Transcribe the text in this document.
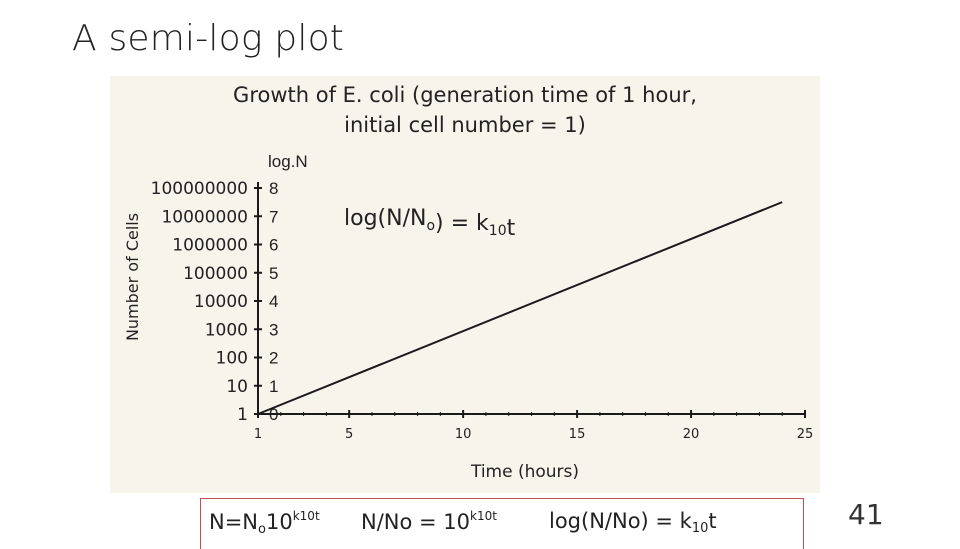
A semi-log plot
Growth of E. coli (generation time of 1 hour,
initial cell number = 1)
1 0
10 1
100 2
1000 3
10000 4
100000 5
1000000 6
10000000 7
100000000 8
1	5	10	15	20	25
log.N
Time (hours)
Number of Cells	$\log(N/N_o) = k_{10}t$
$N=N_o10^{k10t}$ $N/No = 10^{k10t}$ $\log(N/No) = k_{10}t$	41
